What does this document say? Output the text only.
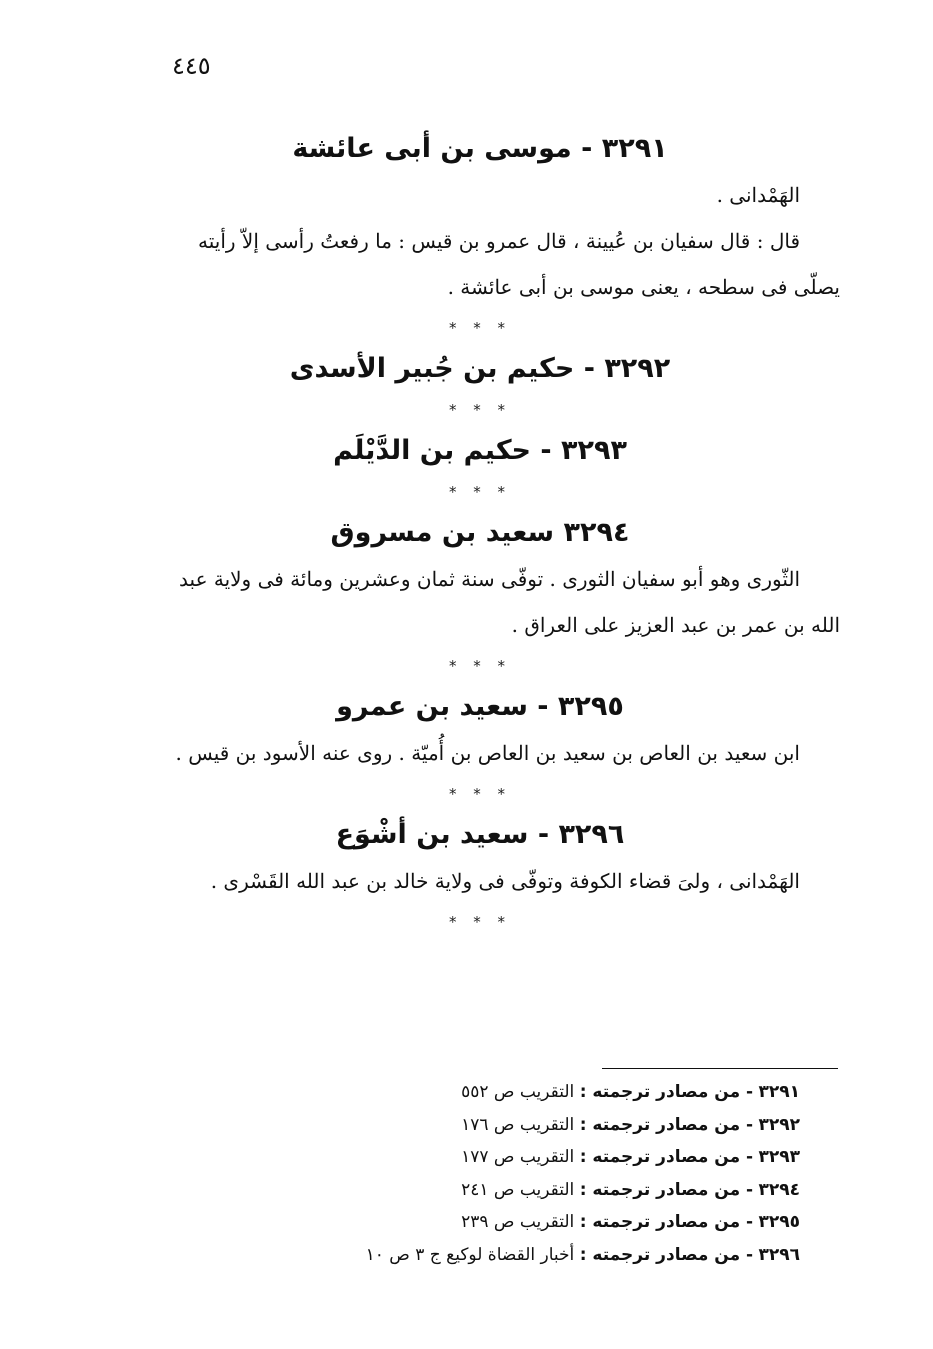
٤٤٥

٣٢٩١ - موسى بن أبى عائشة

الهَمْدانى .

قال : قال سفيان بن عُيينة ، قال عمرو بن قيس : ما رفعتُ رأسى إلاّ رأيته

يصلّى فى سطحه ، يعنى موسى بن أبى عائشة .

* * *

٣٢٩٢ - حكيم بن جُبير الأسدى

* * *

٣٢٩٣ - حكيم بن الدَّيْلَم

* * *

٣٢٩٤ سعيد بن مسروق

الثّورى وهو أبو سفيان الثورى . توفّى سنة ثمان وعشرين ومائة فى ولاية عبد

الله بن عمر بن عبد العزيز على العراق .

* * *

٣٢٩٥ - سعيد بن عمرو

ابن سعيد بن العاص بن سعيد بن العاص بن أُميّة . روى عنه الأسود بن قيس .

* * *

٣٢٩٦ - سعيد بن أشْوَع

الهَمْدانى ، ولىَ قضاء الكوفة وتوفّى فى ولاية خالد بن عبد الله القَسْرى .

* * *

٣٢٩١ - من مصادر ترجمته : التقريب ص ٥٥٢
٣٢٩٢ - من مصادر ترجمته : التقريب ص ١٧٦
٣٢٩٣ - من مصادر ترجمته : التقريب ص ١٧٧
٣٢٩٤ - من مصادر ترجمته : التقريب ص ٢٤١
٣٢٩٥ - من مصادر ترجمته : التقريب ص ٢٣٩
٣٢٩٦ - من مصادر ترجمته : أخبار القضاة لوكيع ج ٣ ص ١٠
